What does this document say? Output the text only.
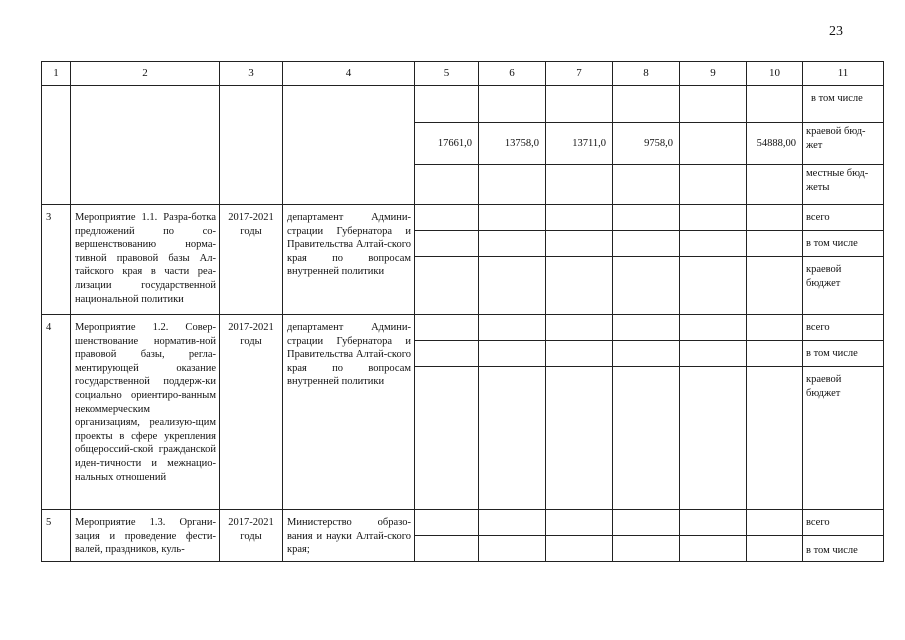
23
1	2	3	4	5	6	7	8	9	10	11
										в том числе
				17661,0	13758,0	13711,0	9758,0		54888,00	краевой бюд-
жет
										местные бюд-
жеты
3	Мероприятие 1.1. Разра-ботка предложений по со-вершенствованию норма-тивной правовой базы Ал-тайского края в части реа-лизации государственной национальной политики	2017-2021 годы	департамент Админи-страции Губернатора и Правительства Алтай-ского края по вопросам внутренней политики							всего
										в том числе
										краевой
бюджет
4	Мероприятие 1.2. Совер-шенствование норматив-ной правовой базы, регла-ментирующей оказание государственной поддерж-ки социально ориентиро-ванным некоммерческим организациям, реализую-щим проекты в сфере укрепления общероссий-ской гражданской иден-тичности и межнацио-нальных отношений	2017-2021 годы	департамент Админи-страции Губернатора и Правительства Алтай-ского края по вопросам внутренней политики							всего
										в том числе
										краевой
бюджет
5	Мероприятие 1.3. Органи-зация и проведение фести-валей, праздников, куль-	2017-2021 годы	Министерство образо-вания и науки Алтай-ского края;							всего
										в том числе
